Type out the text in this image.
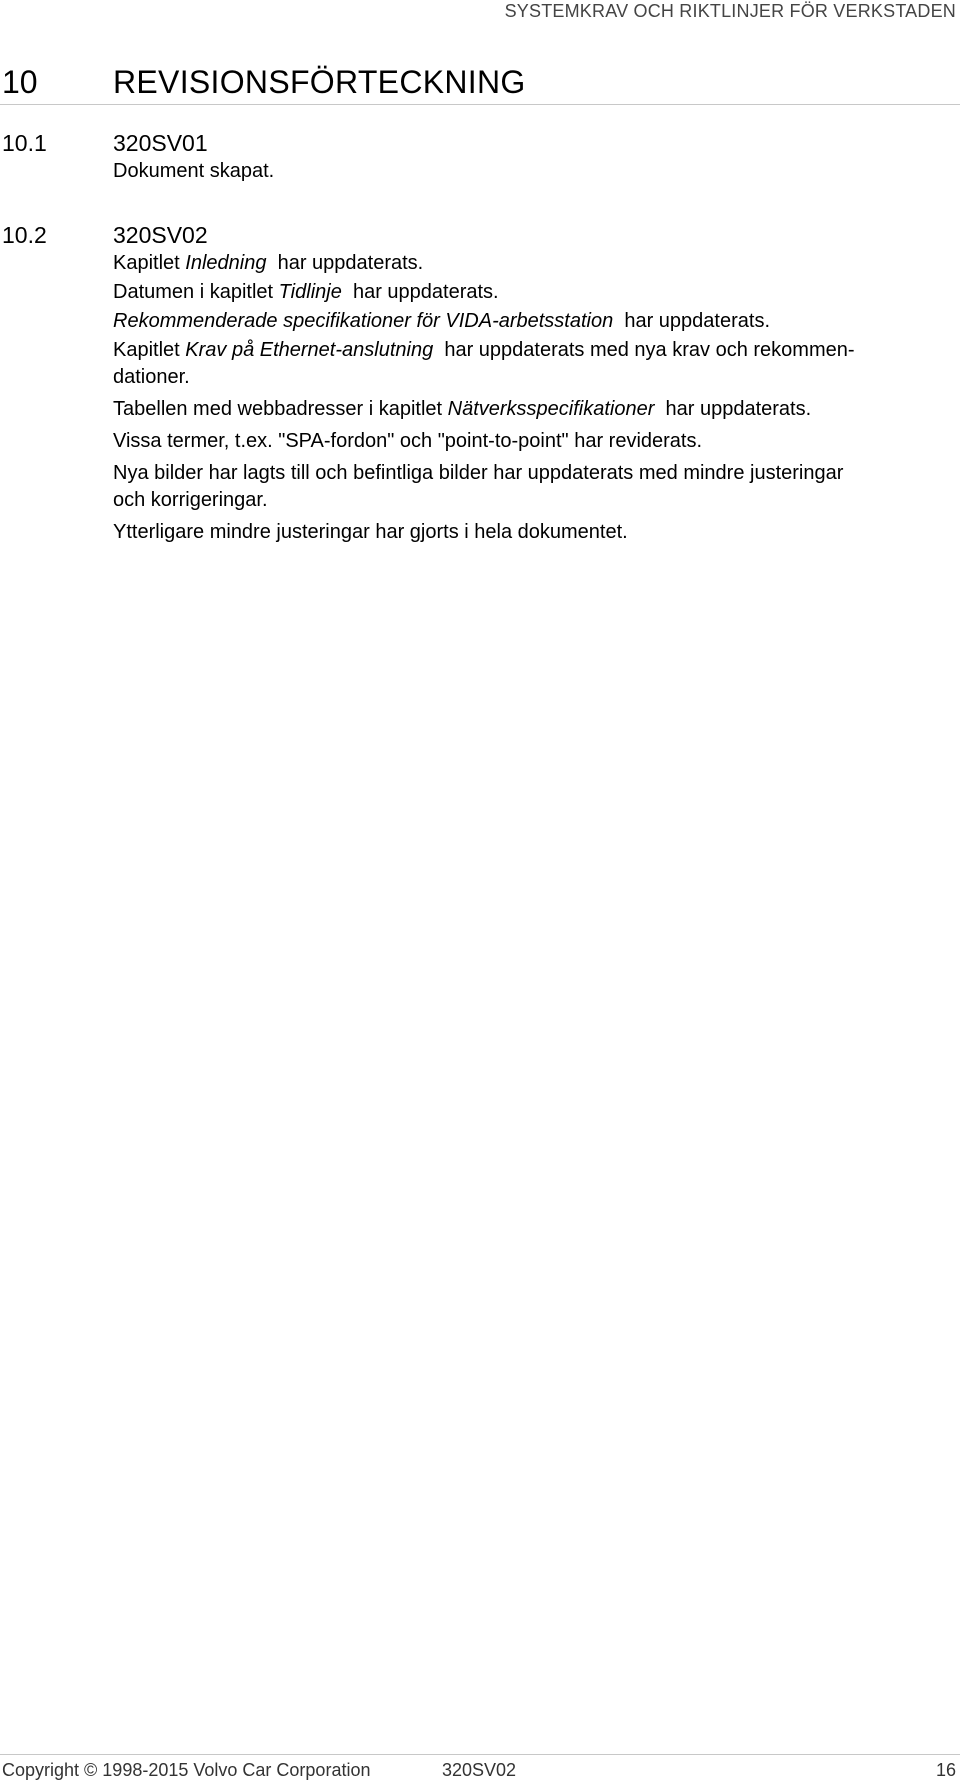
SYSTEMKRAV OCH RIKTLINJER FÖR VERKSTADEN
10 REVISIONSFÖRTECKNING
10.1	320SV01
Dokument skapat.
10.2	320SV02
Kapitlet Inledning  har uppdaterats.
Datumen i kapitlet Tidlinje  har uppdaterats.
Rekommenderade specifikationer för VIDA-arbetsstation  har uppdaterats.
Kapitlet Krav på Ethernet-anslutning  har uppdaterats med nya krav och rekommen-
dationer.
Tabellen med webbadresser i kapitlet Nätverksspecifikationer  har uppdaterats.
Vissa termer, t.ex. "SPA-fordon" och "point-to-point" har reviderats.
Nya bilder har lagts till och befintliga bilder har uppdaterats med mindre justeringar
och korrigeringar.
Ytterligare mindre justeringar har gjorts i hela dokumentet.
Copyright © 1998-2015 Volvo Car Corporation	320SV02	16
